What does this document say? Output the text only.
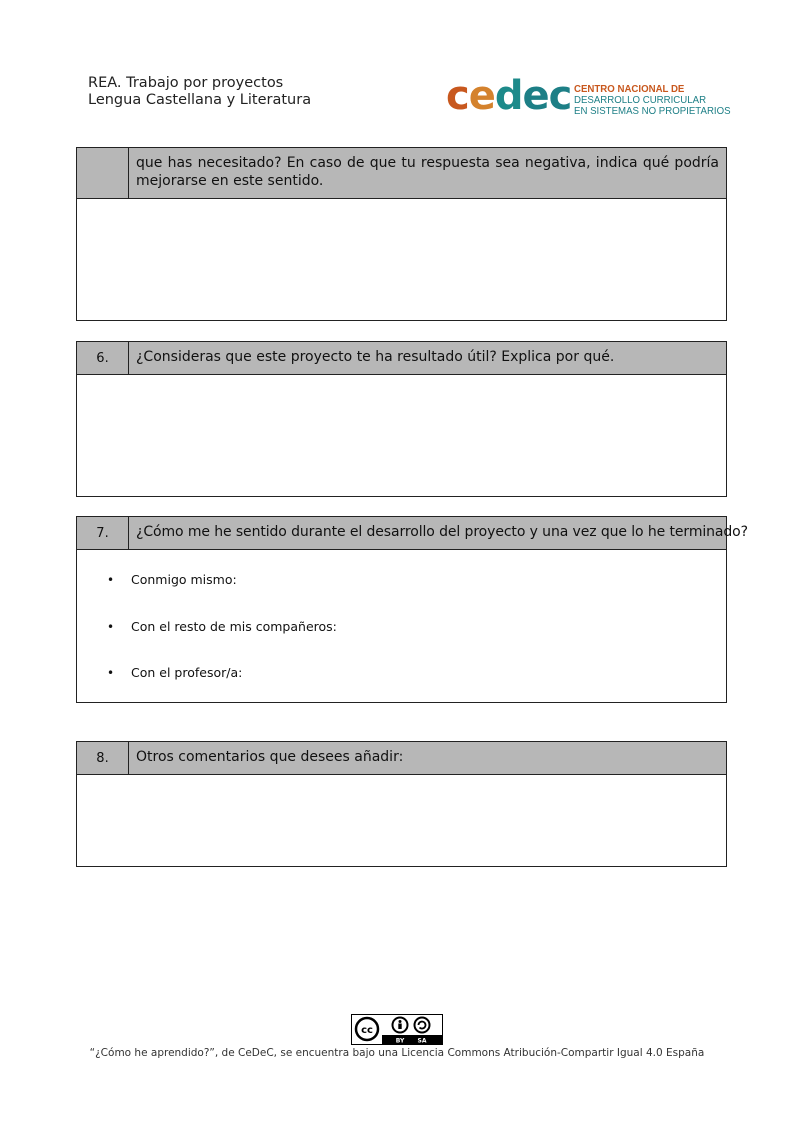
REA. Trabajo por proyectos
Lengua Castellana y Literatura	cedec CENTRO NACIONAL DE
DESARROLLO CURRICULAR
EN SISTEMAS NO PROPIETARIOS
que has necesitado? En caso de que tu respuesta sea negativa, indica qué podría mejorarse en este sentido.
6.	¿Consideras que este proyecto te ha resultado útil? Explica por qué.
7.	¿Cómo me he sentido durante el desarrollo del proyecto y una vez que lo he terminado?
• Conmigo mismo:
• Con el resto de mis compañeros:
• Con el profesor/a:
8.	Otros comentarios que desees añadir:
cc
BY SA
“¿Cómo he aprendido?”, de CeDeC, se encuentra bajo una Licencia Commons Atribución-Compartir Igual 4.0 España
